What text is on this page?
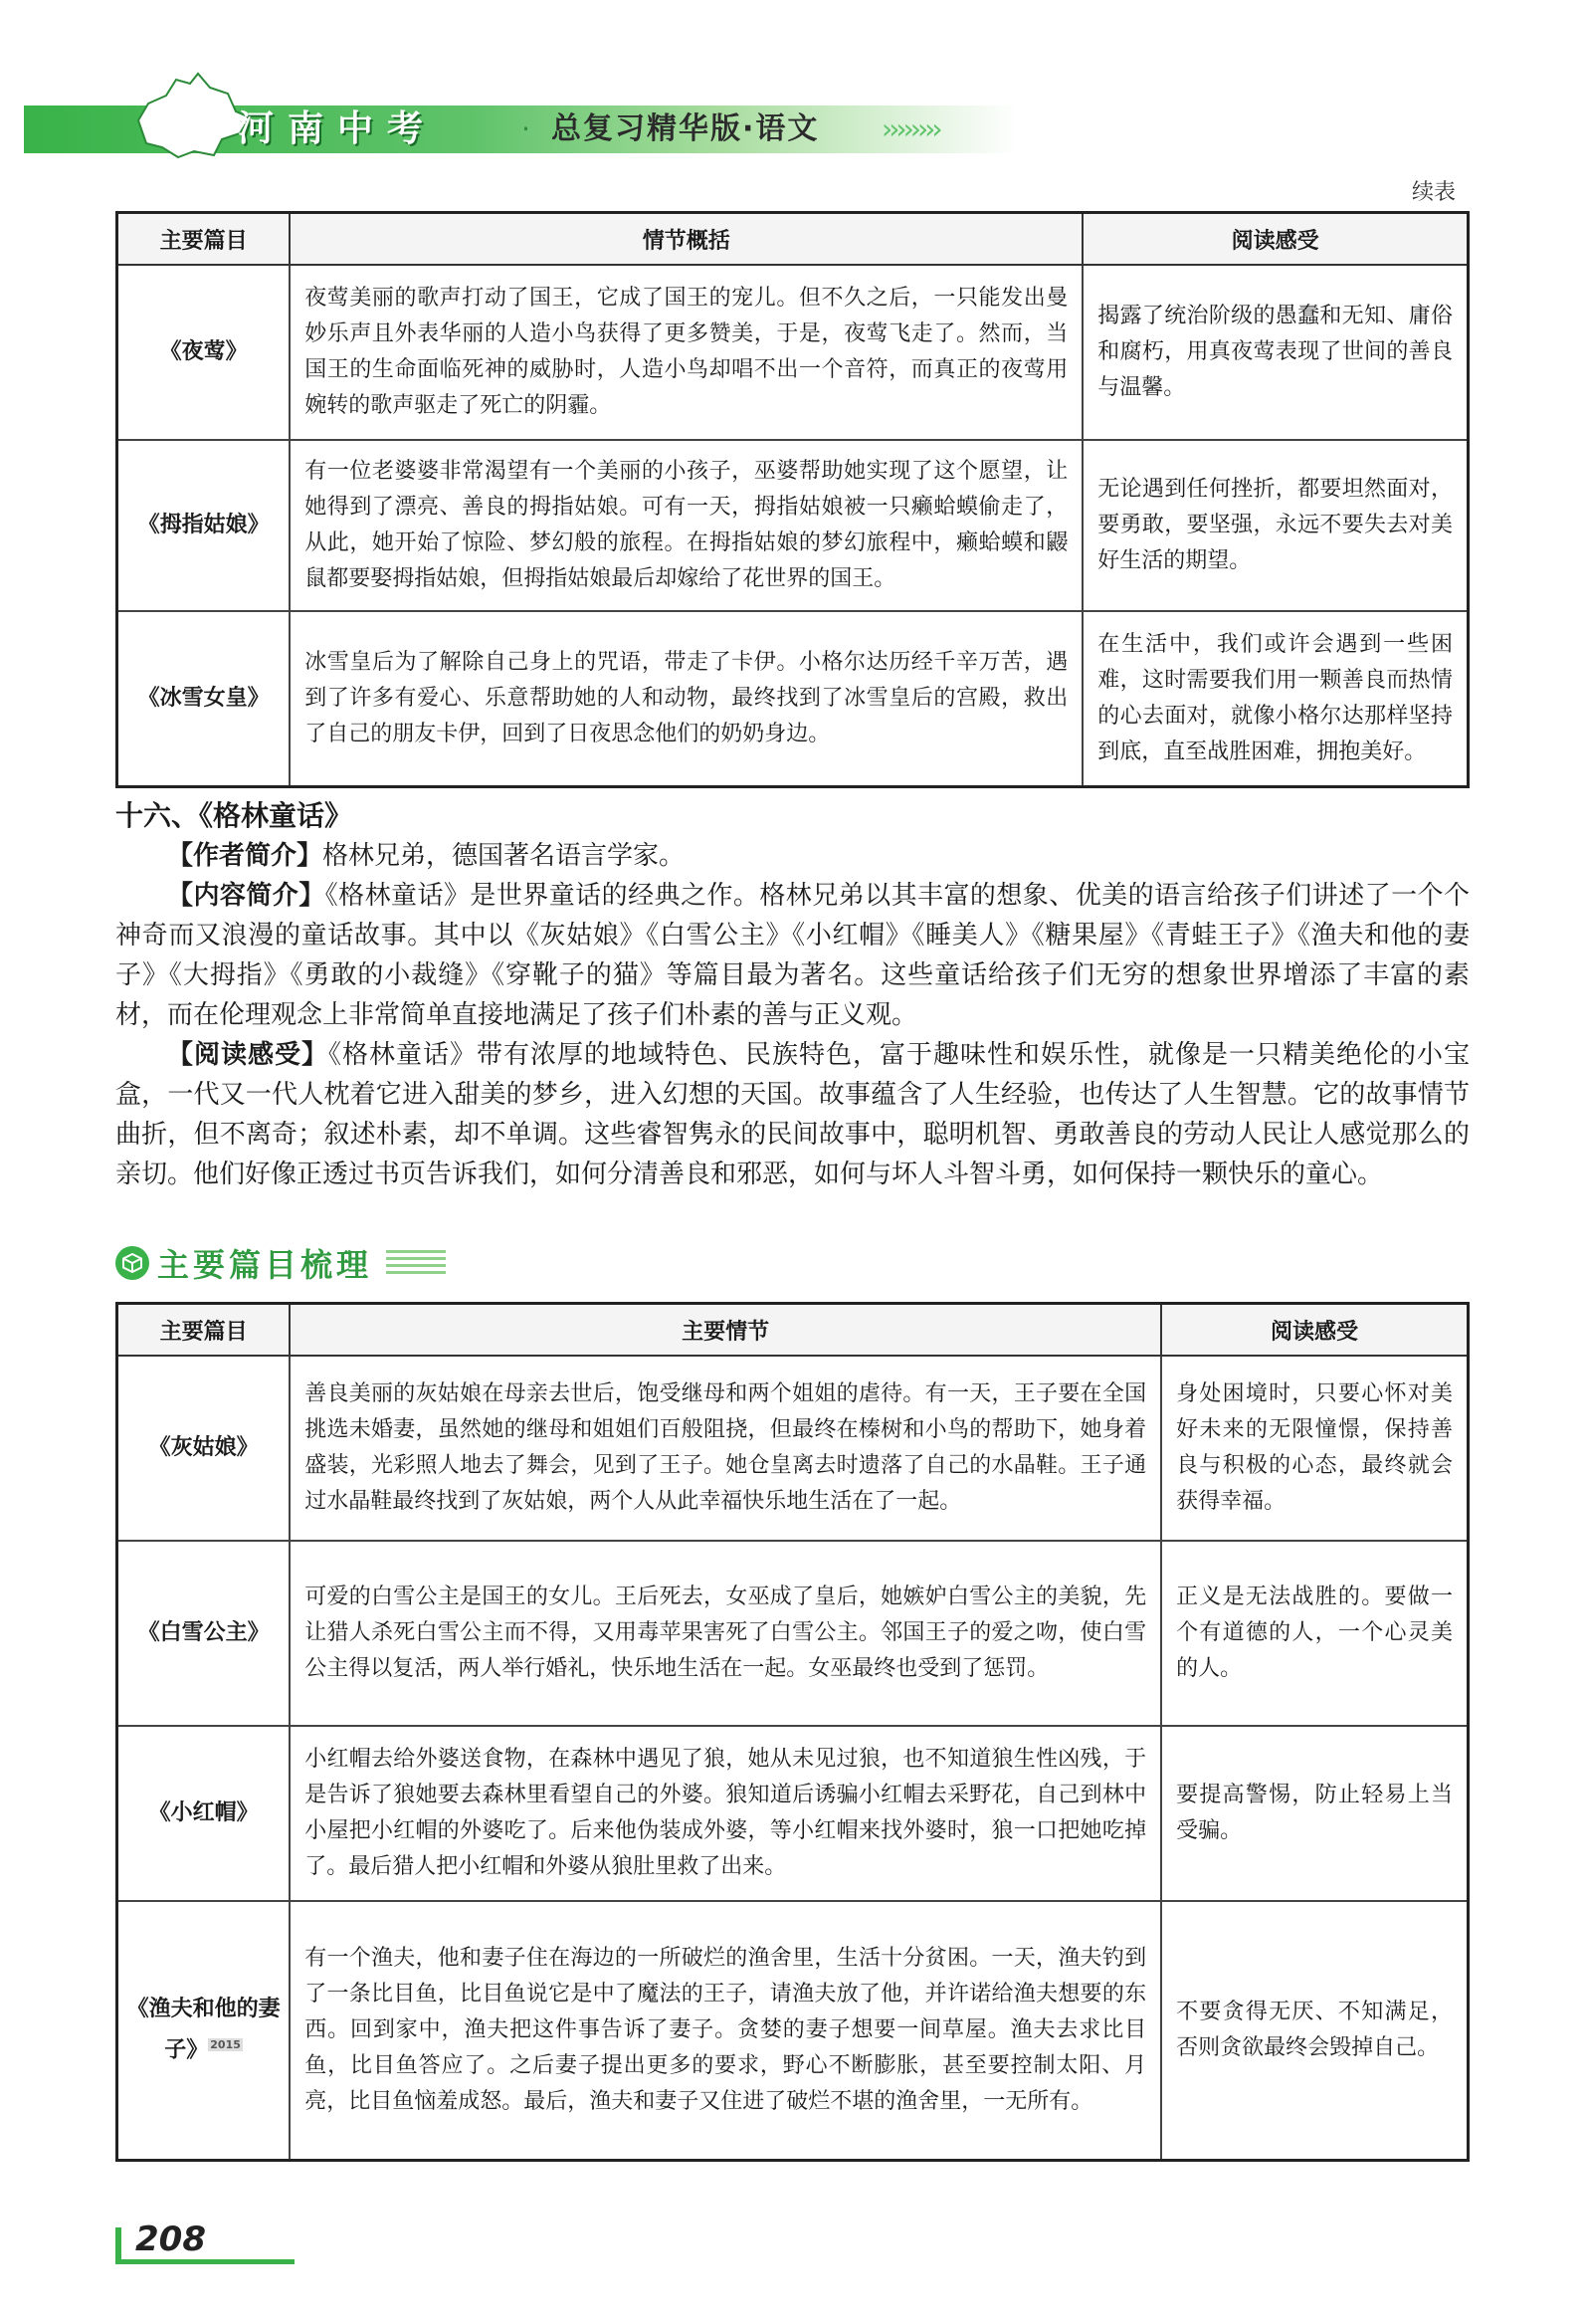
河南中考	· 总复习精华版·语文 ››››››››
续表
主要篇目	情节概括	阅读感受
《夜莺》	夜莺美丽的歌声打动了国王，它成了国王的宠儿。但不久之后，一只能发出曼妙乐声且外表华丽的人造小鸟获得了更多赞美，于是，夜莺飞走了。然而，当国王的生命面临死神的威胁时，人造小鸟却唱不出一个音符，而真正的夜莺用婉转的歌声驱走了死亡的阴霾。	揭露了统治阶级的愚蠢和无知、庸俗和腐朽，用真夜莺表现了世间的善良与温馨。
《拇指姑娘》	有一位老婆婆非常渴望有一个美丽的小孩子，巫婆帮助她实现了这个愿望，让她得到了漂亮、善良的拇指姑娘。可有一天，拇指姑娘被一只癞蛤蟆偷走了，从此，她开始了惊险、梦幻般的旅程。在拇指姑娘的梦幻旅程中，癞蛤蟆和鼹鼠都要娶拇指姑娘，但拇指姑娘最后却嫁给了花世界的国王。	无论遇到任何挫折，都要坦然面对，要勇敢，要坚强，永远不要失去对美好生活的期望。
《冰雪女皇》	冰雪皇后为了解除自己身上的咒语，带走了卡伊。小格尔达历经千辛万苦，遇到了许多有爱心、乐意帮助她的人和动物，最终找到了冰雪皇后的宫殿，救出了自己的朋友卡伊，回到了日夜思念他们的奶奶身边。	在生活中，我们或许会遇到一些困难，这时需要我们用一颗善良而热情的心去面对，就像小格尔达那样坚持到底，直至战胜困难，拥抱美好。

十六、《格林童话》

【作者简介】格林兄弟，德国著名语言学家。

【内容简介】《格林童话》是世界童话的经典之作。格林兄弟以其丰富的想象、优美的语言给孩子们讲述了一个个神奇而又浪漫的童话故事。其中以《灰姑娘》《白雪公主》《小红帽》《睡美人》《糖果屋》《青蛙王子》《渔夫和他的妻子》《大拇指》《勇敢的小裁缝》《穿靴子的猫》等篇目最为著名。这些童话给孩子们无穷的想象世界增添了丰富的素材，而在伦理观念上非常简单直接地满足了孩子们朴素的善与正义观。

【阅读感受】《格林童话》带有浓厚的地域特色、民族特色，富于趣味性和娱乐性，就像是一只精美绝伦的小宝盒，一代又一代人枕着它进入甜美的梦乡，进入幻想的天国。故事蕴含了人生经验，也传达了人生智慧。它的故事情节曲折，但不离奇；叙述朴素，却不单调。这些睿智隽永的民间故事中，聪明机智、勇敢善良的劳动人民让人感觉那么的亲切。他们好像正透过书页告诉我们，如何分清善良和邪恶，如何与坏人斗智斗勇，如何保持一颗快乐的童心。

主要篇目梳理
主要篇目	主要情节	阅读感受
《灰姑娘》	善良美丽的灰姑娘在母亲去世后，饱受继母和两个姐姐的虐待。有一天，王子要在全国挑选未婚妻，虽然她的继母和姐姐们百般阻挠，但最终在榛树和小鸟的帮助下，她身着盛装，光彩照人地去了舞会，见到了王子。她仓皇离去时遗落了自己的水晶鞋。王子通过水晶鞋最终找到了灰姑娘，两个人从此幸福快乐地生活在了一起。	身处困境时，只要心怀对美好未来的无限憧憬，保持善良与积极的心态，最终就会获得幸福。
《白雪公主》	可爱的白雪公主是国王的女儿。王后死去，女巫成了皇后，她嫉妒白雪公主的美貌，先让猎人杀死白雪公主而不得，又用毒苹果害死了白雪公主。邻国王子的爱之吻，使白雪公主得以复活，两人举行婚礼，快乐地生活在一起。女巫最终也受到了惩罚。	正义是无法战胜的。要做一个有道德的人，一个心灵美的人。
《小红帽》	小红帽去给外婆送食物，在森林中遇见了狼，她从未见过狼，也不知道狼生性凶残，于是告诉了狼她要去森林里看望自己的外婆。狼知道后诱骗小红帽去采野花，自己到林中小屋把小红帽的外婆吃了。后来他伪装成外婆，等小红帽来找外婆时，狼一口把她吃掉了。最后猎人把小红帽和外婆从狼肚里救了出来。	要提高警惕，防止轻易上当受骗。
《渔夫和他的妻子》 $^{2015}$	有一个渔夫，他和妻子住在海边的一所破烂的渔舍里，生活十分贫困。一天，渔夫钓到了一条比目鱼，比目鱼说它是中了魔法的王子，请渔夫放了他，并许诺给渔夫想要的东西。回到家中，渔夫把这件事告诉了妻子。贪婪的妻子想要一间草屋。渔夫去求比目鱼，比目鱼答应了。之后妻子提出更多的要求，野心不断膨胀，甚至要控制太阳、月亮，比目鱼恼羞成怒。最后，渔夫和妻子又住进了破烂不堪的渔舍里，一无所有。	不要贪得无厌、不知满足，否则贪欲最终会毁掉自己。
208
